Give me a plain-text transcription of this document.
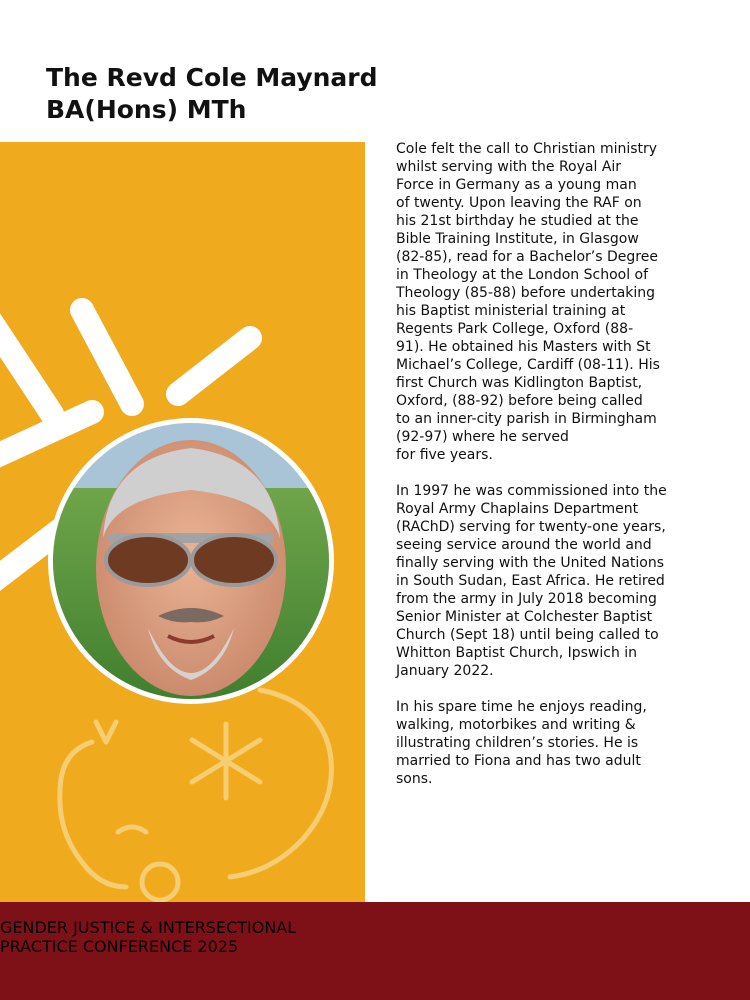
The Revd Cole Maynard
BA(Hons) MTh

Cole felt the call to Christian ministry
whilst serving with the Royal Air
Force in Germany as a young man
of twenty. Upon leaving the RAF on
his 21st birthday he studied at the
Bible Training Institute, in Glasgow
(82-85), read for a Bachelor’s Degree
in Theology at the London School of
Theology (85-88) before undertaking
his Baptist ministerial training at
Regents Park College, Oxford (88-
91). He obtained his Masters with St
Michael’s College, Cardiff (08-11). His
first Church was Kidlington Baptist,
Oxford, (88-92) before being called
to an inner-city parish in Birmingham
(92-97) where he served
for five years.

In 1997 he was commissioned into the
Royal Army Chaplains Department
(RAChD) serving for twenty-one years,
seeing service around the world and
finally serving with the United Nations
in South Sudan, East Africa. He retired
from the army in July 2018 becoming
Senior Minister at Colchester Baptist
Church (Sept 18) until being called to
Whitton Baptist Church, Ipswich in
January 2022.

In his spare time he enjoys reading,
walking, motorbikes and writing &
illustrating children’s stories. He is
married to Fiona and has two adult
sons.

GENDER JUSTICE & INTERSECTIONAL
PRACTICE CONFERENCE 2025
